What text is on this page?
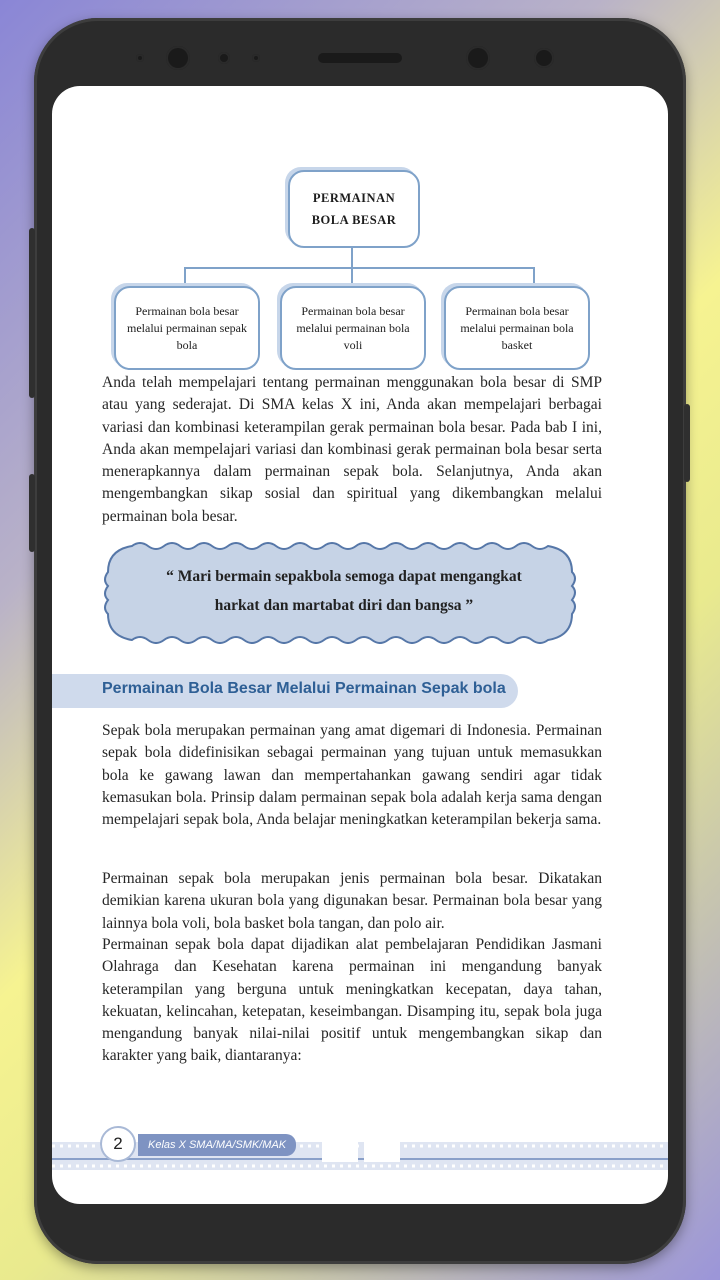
PERMAINAN BOLA BESAR
Permainan bola besar melalui permainan sepak bola
Permainan bola besar melalui permainan bola voli
Permainan bola besar melalui permainan bola basket

Anda telah mempelajari tentang permainan menggunakan bola besar di SMP atau yang sederajat. Di SMA kelas X ini, Anda akan mempelajari berbagai variasi dan kombinasi keterampilan gerak permainan bola besar. Pada bab I ini, Anda akan mempelajari variasi dan kombinasi gerak permainan bola besar serta menerapkannya dalam permainan sepak bola. Selanjutnya, Anda akan mengembangkan sikap sosial dan spiritual yang dikembangkan melalui permainan bola besar.

“ Mari bermain sepakbola semoga dapat mengangkat
harkat dan martabat diri dan bangsa ”
Permainan Bola Besar Melalui Permainan Sepak bola

Sepak bola merupakan permainan yang amat digemari di Indonesia. Permainan sepak bola didefinisikan sebagai permainan yang tujuan untuk memasukkan bola ke gawang lawan dan mempertahankan gawang sendiri agar tidak kemasukan bola. Prinsip dalam permainan sepak bola adalah kerja sama dengan mempelajari sepak bola, Anda belajar meningkatkan keterampilan bekerja sama.

Permainan sepak bola merupakan jenis permainan bola besar. Dikatakan demikian karena ukuran bola yang digunakan besar. Permainan bola besar yang lainnya bola voli, bola basket bola tangan, dan polo air.

Permainan sepak bola dapat dijadikan alat pembelajaran Pendidikan Jasmani Olahraga dan Kesehatan karena permainan ini mengandung banyak keterampilan yang berguna untuk meningkatkan kecepatan, daya tahan, kekuatan, kelincahan, ketepatan, keseimbangan. Disamping itu, sepak bola juga mengandung banyak nilai-nilai positif untuk mengembangkan sikap dan karakter yang baik, diantaranya:

Kelas X SMA/MA/SMK/MAK
2
